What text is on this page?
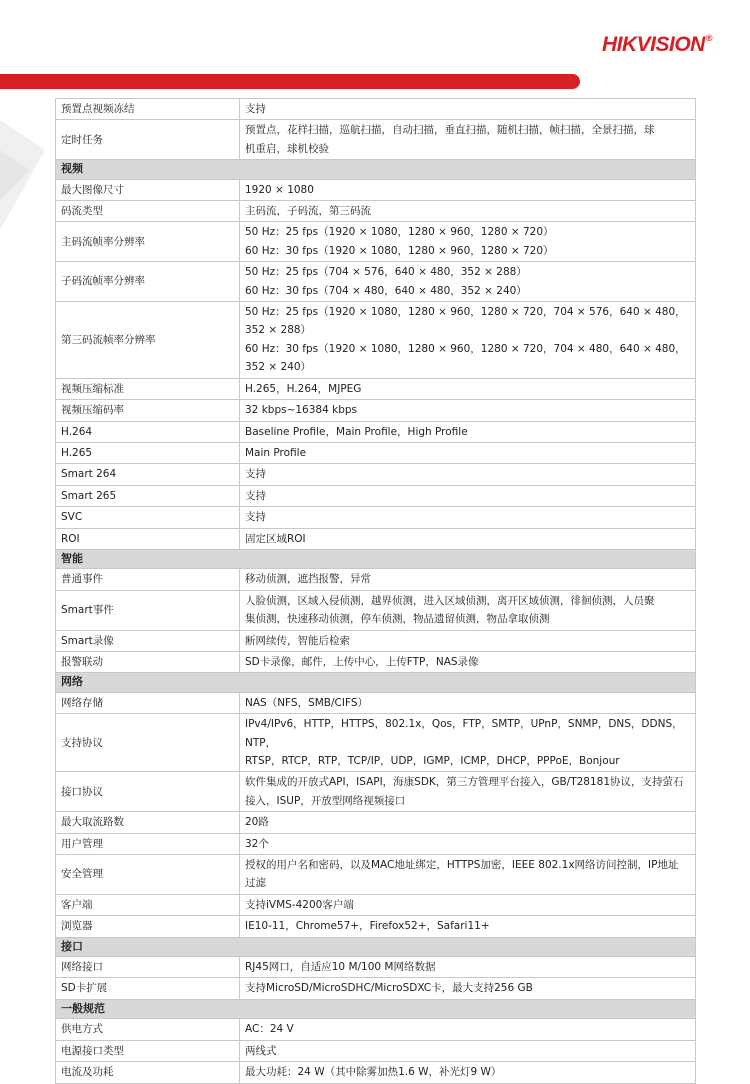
HIKVISION®
预置点视频冻结	支持

定时任务	预置点，花样扫描，巡航扫描，自动扫描，垂直扫描，随机扫描，帧扫描，全景扫描，球
机重启，球机校验

视频	
最大图像尺寸	1920 × 1080

码流类型	主码流，子码流，第三码流

主码流帧率分辨率	50 Hz：25 fps（1920 × 1080，1280 × 960，1280 × 720）
60 Hz：30 fps（1920 × 1080，1280 × 960，1280 × 720）

子码流帧率分辨率	50 Hz：25 fps（704 × 576，640 × 480，352 × 288）
60 Hz：30 fps（704 × 480，640 × 480，352 × 240）

第三码流帧率分辨率	50 Hz：25 fps（1920 × 1080，1280 × 960，1280 × 720，704 × 576，640 × 480，352 × 288）
60 Hz：30 fps（1920 × 1080，1280 × 960，1280 × 720，704 × 480，640 × 480，352 × 240）

视频压缩标准	H.265，H.264，MJPEG

视频压缩码率	32 kbps~16384 kbps

H.264	Baseline Profile，Main Profile，High Profile

H.265	Main Profile

Smart 264	支持

Smart 265	支持

SVC	支持

ROI	固定区域ROI

智能	
普通事件	移动侦测，遮挡报警，异常

Smart事件	人脸侦测，区域入侵侦测，越界侦测，进入区域侦测，离开区域侦测，徘徊侦测，人员聚
集侦测，快速移动侦测，停车侦测，物品遗留侦测，物品拿取侦测

Smart录像	断网续传，智能后检索

报警联动	SD卡录像，邮件，上传中心，上传FTP，NAS录像

网络	
网络存储	NAS（NFS，SMB/CIFS）

支持协议	IPv4/IPv6，HTTP，HTTPS，802.1x，Qos，FTP，SMTP，UPnP，SNMP，DNS，DDNS，NTP，
RTSP，RTCP，RTP，TCP/IP，UDP，IGMP，ICMP，DHCP，PPPoE，Bonjour

接口协议	软件集成的开放式API，ISAPI，海康SDK，第三方管理平台接入，GB/T28181协议，支持萤石
接入，ISUP，开放型网络视频接口

最大取流路数	20路

用户管理	32个

安全管理	授权的用户名和密码，以及MAC地址绑定，HTTPS加密，IEEE 802.1x网络访问控制，IP地址
过滤

客户端	支持iVMS-4200客户端

浏览器	IE10-11，Chrome57+，Firefox52+，Safari11+

接口	
网络接口	RJ45网口，自适应10 M/100 M网络数据

SD卡扩展	支持MicroSD/MicroSDHC/MicroSDXC卡，最大支持256 GB

一般规范	
供电方式	AC：24 V

电源接口类型	两线式

电流及功耗	最大功耗：24 W（其中除雾加热1.6 W，补光灯9 W）
